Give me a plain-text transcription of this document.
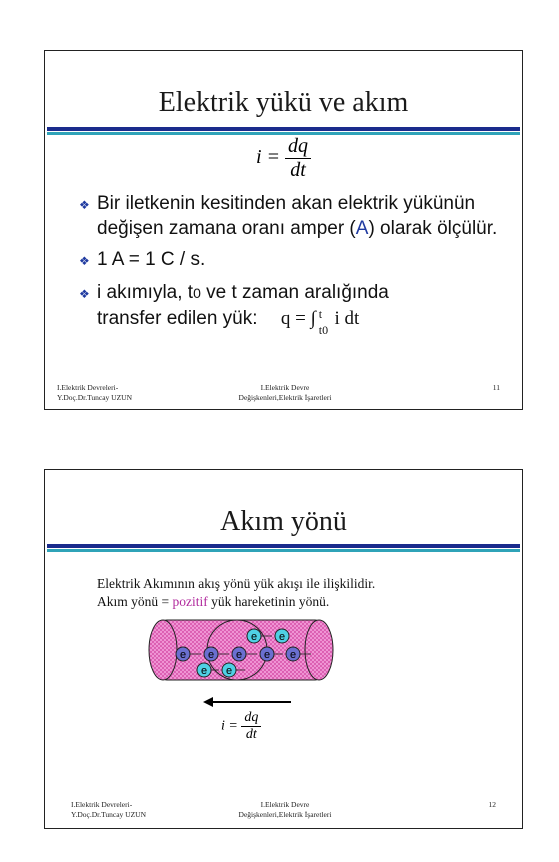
Elektrik yükü ve akım
$i = \frac{dq}{dt}$
❖ Bir iletkenin kesitinden akan elektrik yükünün değişen zamana oranı amper (A) olarak ölçülür.
❖ 1 A = 1 C / s.
❖ i akımıyla, t0 ve t zaman aralığında
transfer edilen yük: q = ∫ t
t0
i dt
I.Elektrik Devreleri-
Y.Doç.Dr.Tuncay UZUN
I.Elektrik Devre
Değişkenleri,Elektrik İşaretleri
11
Akım yönü
Elektrik Akımının akış yönü yük akışı ile ilişkilidir.
Akım yönü = pozitif yük hareketinin yönü.
e e
e e e e e
e e
$i = \frac{dq}{dt}$
I.Elektrik Devreleri-
Y.Doç.Dr.Tuncay UZUN
I.Elektrik Devre
Değişkenleri,Elektrik İşaretleri
12
